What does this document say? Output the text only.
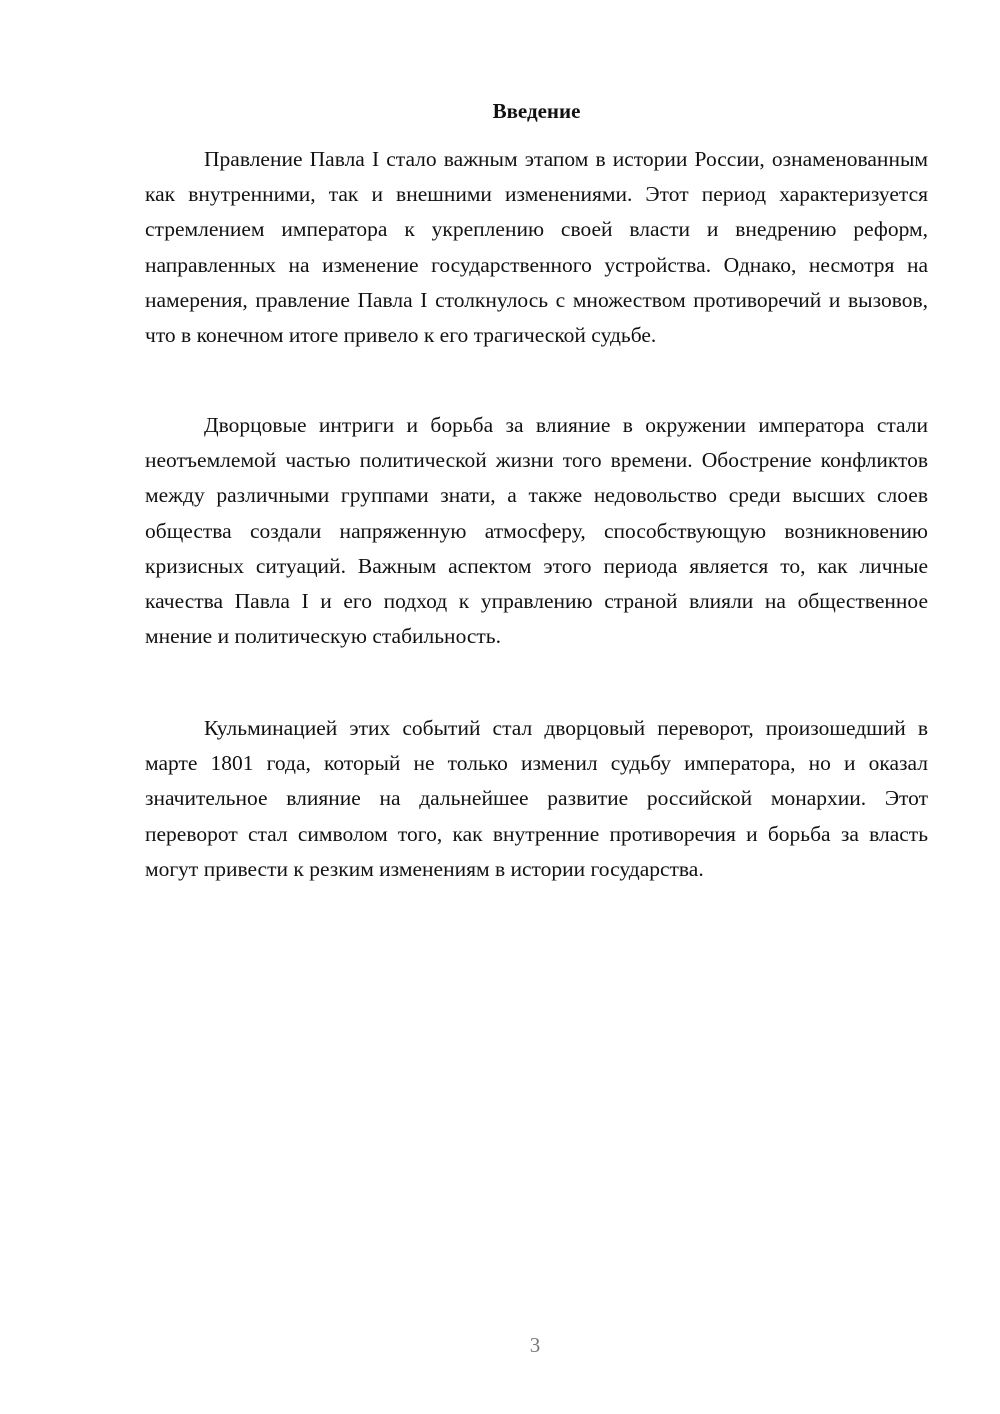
Введение

Правление Павла I стало важным этапом в истории России, ознаменованным как внутренними, так и внешними изменениями. Этот период характеризуется стремлением императора к укреплению своей власти и внедрению реформ, направленных на изменение государственного устройства. Однако, несмотря на намерения, правление Павла I столкнулось с множеством противоречий и вызовов, что в конечном итоге привело к его трагической судьбе.

Дворцовые интриги и борьба за влияние в окружении императора стали неотъемлемой частью политической жизни того времени. Обострение конфликтов между различными группами знати, а также недовольство среди высших слоев общества создали напряженную атмосферу, способствующую возникновению кризисных ситуаций. Важным аспектом этого периода является то, как личные качества Павла I и его подход к управлению страной влияли на общественное мнение и политическую стабильность.

Кульминацией этих событий стал дворцовый переворот, произошедший в марте 1801 года, который не только изменил судьбу императора, но и оказал значительное влияние на дальнейшее развитие российской монархии. Этот переворот стал символом того, как внутренние противоречия и борьба за власть могут привести к резким изменениям в истории государства.

3
